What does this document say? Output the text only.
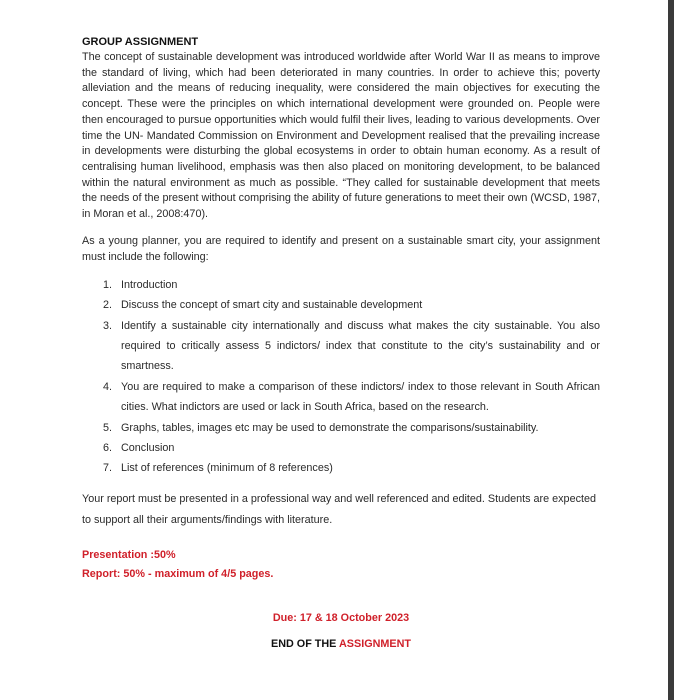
GROUP ASSIGNMENT

The concept of sustainable development was introduced worldwide after World War II as means to improve the standard of living, which had been deteriorated in many countries. In order to achieve this; poverty alleviation and the means of reducing inequality, were considered the main objectives for executing the concept. These were the principles on which international development were grounded on. People were then encouraged to pursue opportunities which would fulfil their lives, leading to various developments. Over time the UN- Mandated Commission on Environment and Development realised that the prevailing increase in developments were disturbing the global ecosystems in order to obtain human economy. As a result of centralising human livelihood, emphasis was then also placed on monitoring development, to be balanced within the natural environment as much as possible. “They called for sustainable development that meets the needs of the present without comprising the ability of future generations to meet their own (WCSD, 1987, in Moran et al., 2008:470).

As a young planner, you are required to identify and present on a sustainable smart city, your assignment must include the following:

1. Introduction
2. Discuss the concept of smart city and sustainable development
3. Identify a sustainable city internationally and discuss what makes the city sustainable. You also required to critically assess 5 indictors/ index that constitute to the city’s sustainability and or smartness.
4. You are required to make a comparison of these indictors/ index to those relevant in South African cities. What indictors are used or lack in South Africa, based on the research.
5. Graphs, tables, images etc may be used to demonstrate the comparisons/sustainability.
6. Conclusion
7. List of references (minimum of 8 references)

Your report must be presented in a professional way and well referenced and edited. Students are expected to support all their arguments/findings with literature.

Presentation :50%
Report: 50% - maximum of 4/5 pages.
Due: 17 & 18 October 2023
END OF THE ASSIGNMENT
